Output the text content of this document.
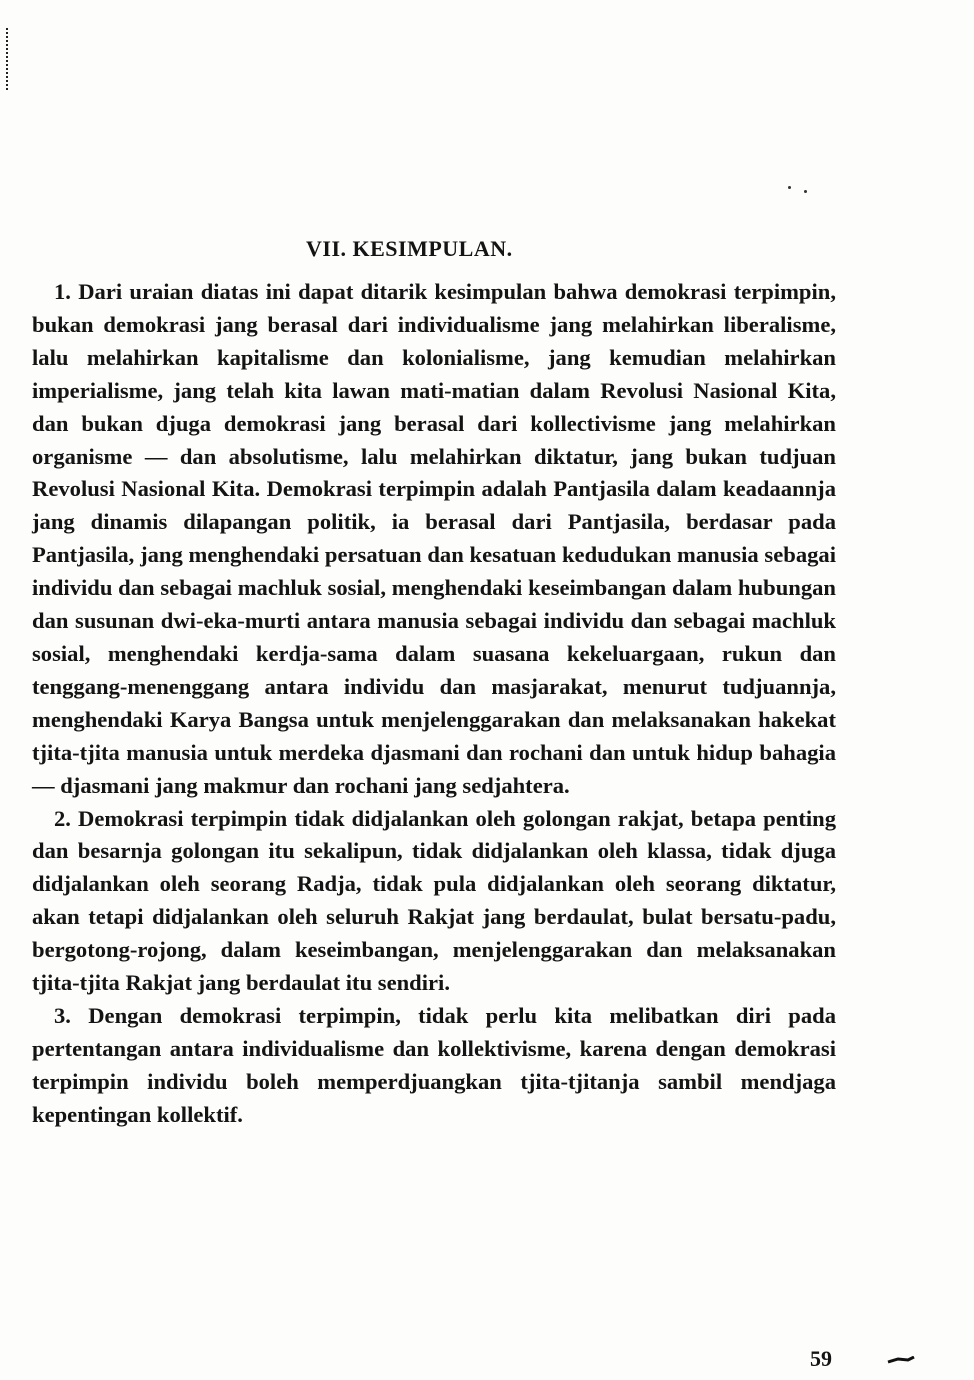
VII. KESIMPULAN.

1. Dari uraian diatas ini dapat ditarik kesimpulan bahwa demokrasi terpimpin, bukan demokrasi jang berasal dari individualisme jang melahirkan liberalisme, lalu melahirkan kapitalisme dan kolonialisme, jang kemudian melahirkan imperialisme, jang telah kita lawan mati-matian dalam Revolusi Nasional Kita, dan bukan djuga demokrasi jang berasal dari kollectivisme jang melahirkan organisme — dan absolutisme, lalu melahirkan diktatur, jang bukan tudjuan Revolusi Nasional Kita. Demokrasi terpimpin adalah Pantjasila dalam keadaannja jang dinamis dilapangan politik, ia berasal dari Pantjasila, berdasar pada Pantjasila, jang menghendaki persatuan dan kesatuan kedudukan manusia sebagai individu dan sebagai machluk sosial, menghendaki keseimbangan dalam hubungan dan susunan dwi-eka-murti antara manusia sebagai individu dan sebagai machluk sosial, menghendaki kerdja-sama dalam suasana kekeluargaan, rukun dan tenggang-menenggang antara individu dan masjarakat, menurut tudjuannja, menghendaki Karya Bangsa untuk menjelenggarakan dan melaksanakan hakekat tjita-tjita manusia untuk merdeka djasmani dan rochani dan untuk hidup bahagia — djasmani jang makmur dan rochani jang sedjahtera.

2. Demokrasi terpimpin tidak didjalankan oleh golongan rakjat, betapa penting dan besarnja golongan itu sekalipun, tidak didjalankan oleh klassa, tidak djuga didjalankan oleh seorang Radja, tidak pula didjalankan oleh seorang diktatur, akan tetapi didjalankan oleh seluruh Rakjat jang berdaulat, bulat bersatu-padu, bergotong-rojong, dalam keseimbangan, menjelenggarakan dan melaksanakan tjita-tjita Rakjat jang berdaulat itu sendiri.

3. Dengan demokrasi terpimpin, tidak perlu kita melibatkan diri pada pertentangan antara individualisme dan kollektivisme, karena dengan demokrasi terpimpin individu boleh memperdjuangkan tjita-tjitanja sambil mendjaga kepentingan kollektif.

59
